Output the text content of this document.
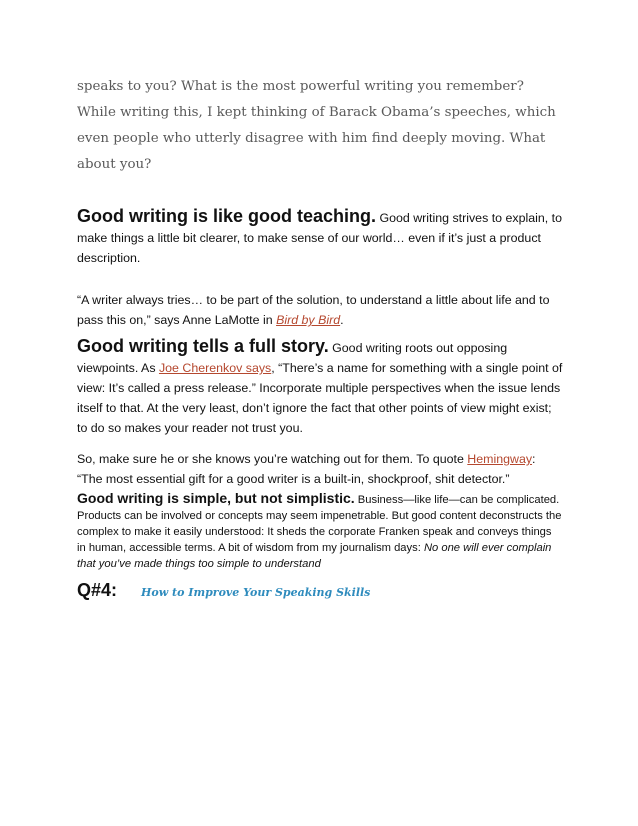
speaks to you? What is the most powerful writing you remember? While writing this, I kept thinking of Barack Obama’s speeches, which even people who utterly disagree with him find deeply moving. What about you?

Good writing is like good teaching. Good writing strives to explain, to make things a little bit clearer, to make sense of our world… even if it’s just a product description.

“A writer always tries… to be part of the solution, to understand a little about life and to pass this on,” says Anne LaMotte in Bird by Bird.

Good writing tells a full story. Good writing roots out opposing viewpoints. As Joe Cherenkov says, “There’s a name for something with a single point of view: It’s called a press release.” Incorporate multiple perspectives when the issue lends itself to that. At the very least, don’t ignore the fact that other points of view might exist; to do so makes your reader not trust you.

So, make sure he or she knows you’re watching out for them. To quote Hemingway: “The most essential gift for a good writer is a built-in, shockproof, shit detector.”

Good writing is simple, but not simplistic. Business—like life—can be complicated. Products can be involved or concepts may seem impenetrable. But good content deconstructs the complex to make it easily understood: It sheds the corporate Franken speak and conveys things in human, accessible terms. A bit of wisdom from my journalism days: No one will ever complain that you’ve made things too simple to understand

Q#4: How to Improve Your Speaking Skills
